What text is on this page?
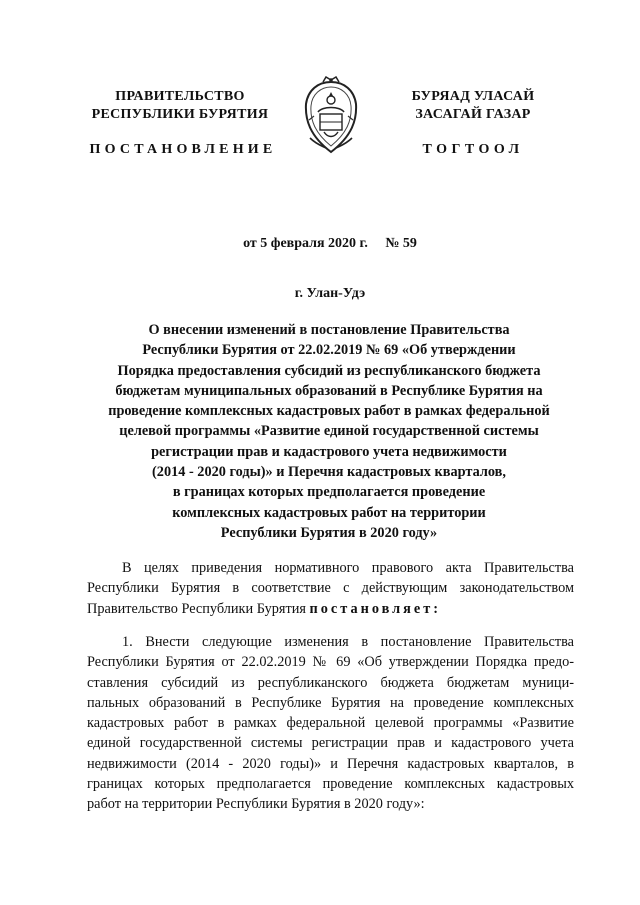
ПРАВИТЕЛЬСТВО
РЕСПУБЛИКИ БУРЯТИЯ
БУРЯАД УЛАСАЙ
ЗАСАГАЙ ГАЗАР
ПОСТАНОВЛЕНИЕ	ТОГТООЛ
от 5 февраля 2020 г. № 59
г. Улан-Удэ
О внесении изменений в постановление Правительства
Республики Бурятия от 22.02.2019 № 69 «Об утверждении
Порядка предоставления субсидий из республиканского бюджета
бюджетам муниципальных образований в Республике Бурятия на
проведение комплексных кадастровых работ в рамках федеральной
целевой программы «Развитие единой государственной системы
регистрации прав и кадастрового учета недвижимости
(2014 - 2020 годы)» и Перечня кадастровых кварталов,
в границах которых предполагается проведение
комплексных кадастровых работ на территории
Республики Бурятия в 2020 году»
В целях приведения нормативного правового акта Правительства
Республики Бурятия в соответствие с действующим законодательством
Правительство Республики Бурятия постановляет:
1. Внести следующие изменения в постановление Правительства
Республики Бурятия от 22.02.2019 № 69 «Об утверждении Порядка предо-
ставления субсидий из республиканского бюджета бюджетам муници-
пальных образований в Республике Бурятия на проведение комплексных
кадастровых работ в рамках федеральной целевой программы «Развитие
единой государственной системы регистрации прав и кадастрового учета
недвижимости (2014 - 2020 годы)» и Перечня кадастровых кварталов, в
границах которых предполагается проведение комплексных кадастровых
работ на территории Республики Бурятия в 2020 году»:
